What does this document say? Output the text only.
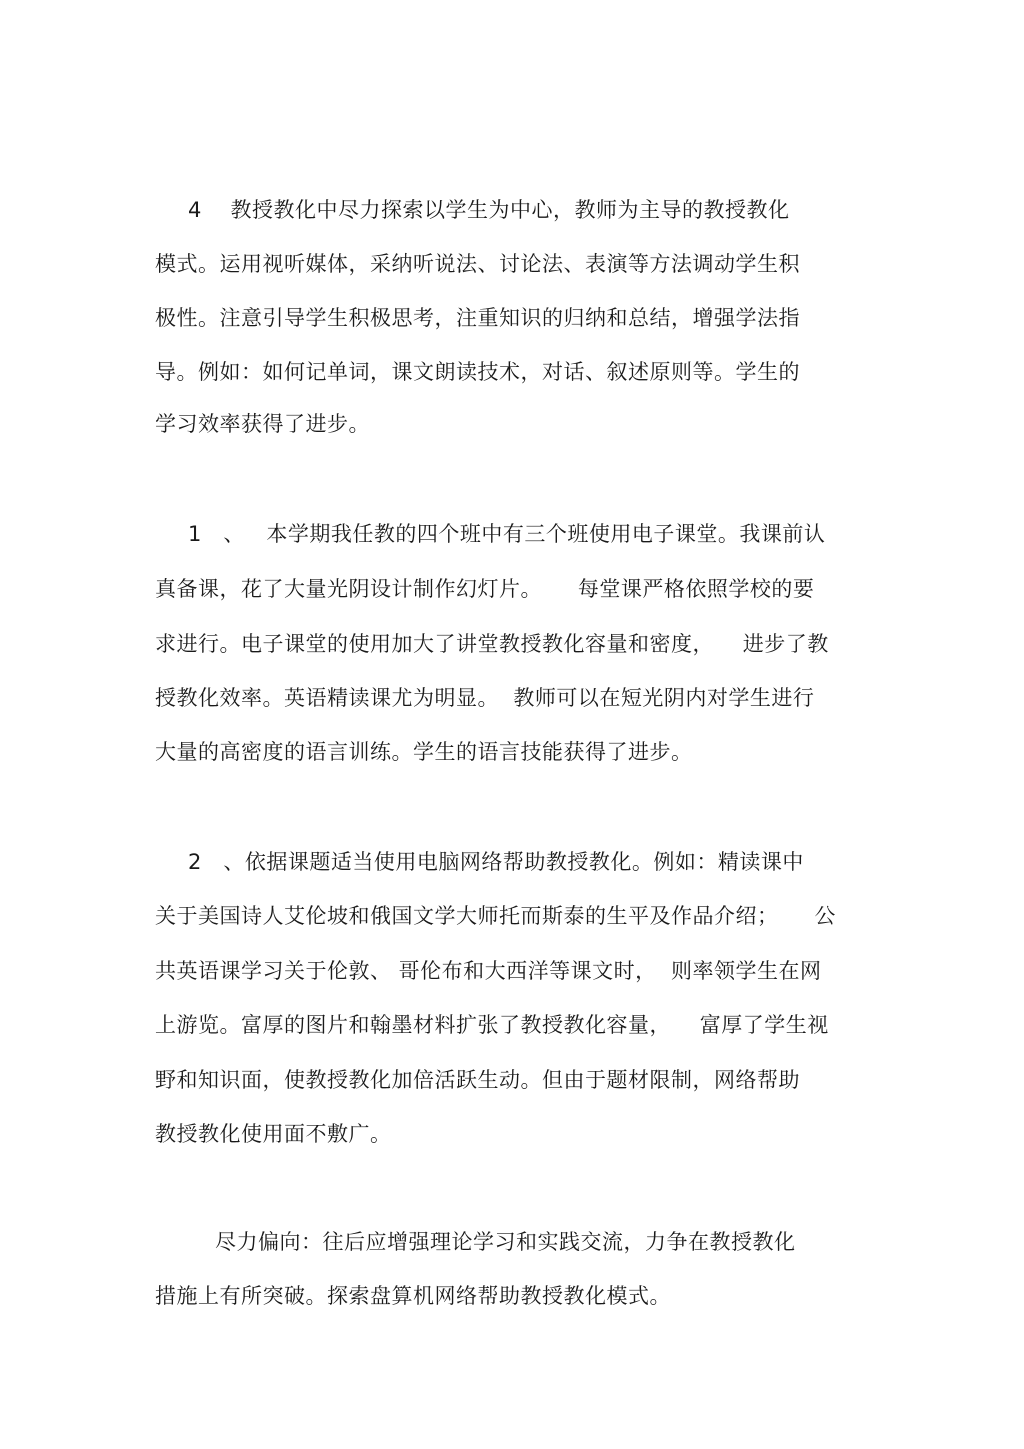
4    教授教化中尽力探索以学生为中心，教师为主导的教授教化
模式。运用视听媒体，采纳听说法、讨论法、表演等方法调动学生积
极性。注意引导学生积极思考，注重知识的归纳和总结，增强学法指
导。例如：如何记单词，课文朗读技术，对话、叙述原则等。学生的
学习效率获得了进步。
1   、   本学期我任教的四个班中有三个班使用电子课堂。我课前认
真备课，花了大量光阴设计制作幻灯片。     每堂课严格依照学校的要
求进行。电子课堂的使用加大了讲堂教授教化容量和密度，    进步了教
授教化效率。英语精读课尤为明显。  教师可以在短光阴内对学生进行
大量的高密度的语言训练。学生的语言技能获得了进步。
2   、依据课题适当使用电脑网络帮助教授教化。例如：精读课中
关于美国诗人艾伦坡和俄国文学大师托而斯泰的生平及作品介绍；     公
共英语课学习关于伦敦、 哥伦布和大西洋等课文时，  则率领学生在网
上游览。富厚的图片和翰墨材料扩张了教授教化容量，    富厚了学生视
野和知识面，使教授教化加倍活跃生动。但由于题材限制，网络帮助
教授教化使用面不敷广。
尽力偏向：往后应增强理论学习和实践交流，力争在教授教化
措施上有所突破。探索盘算机网络帮助教授教化模式。
